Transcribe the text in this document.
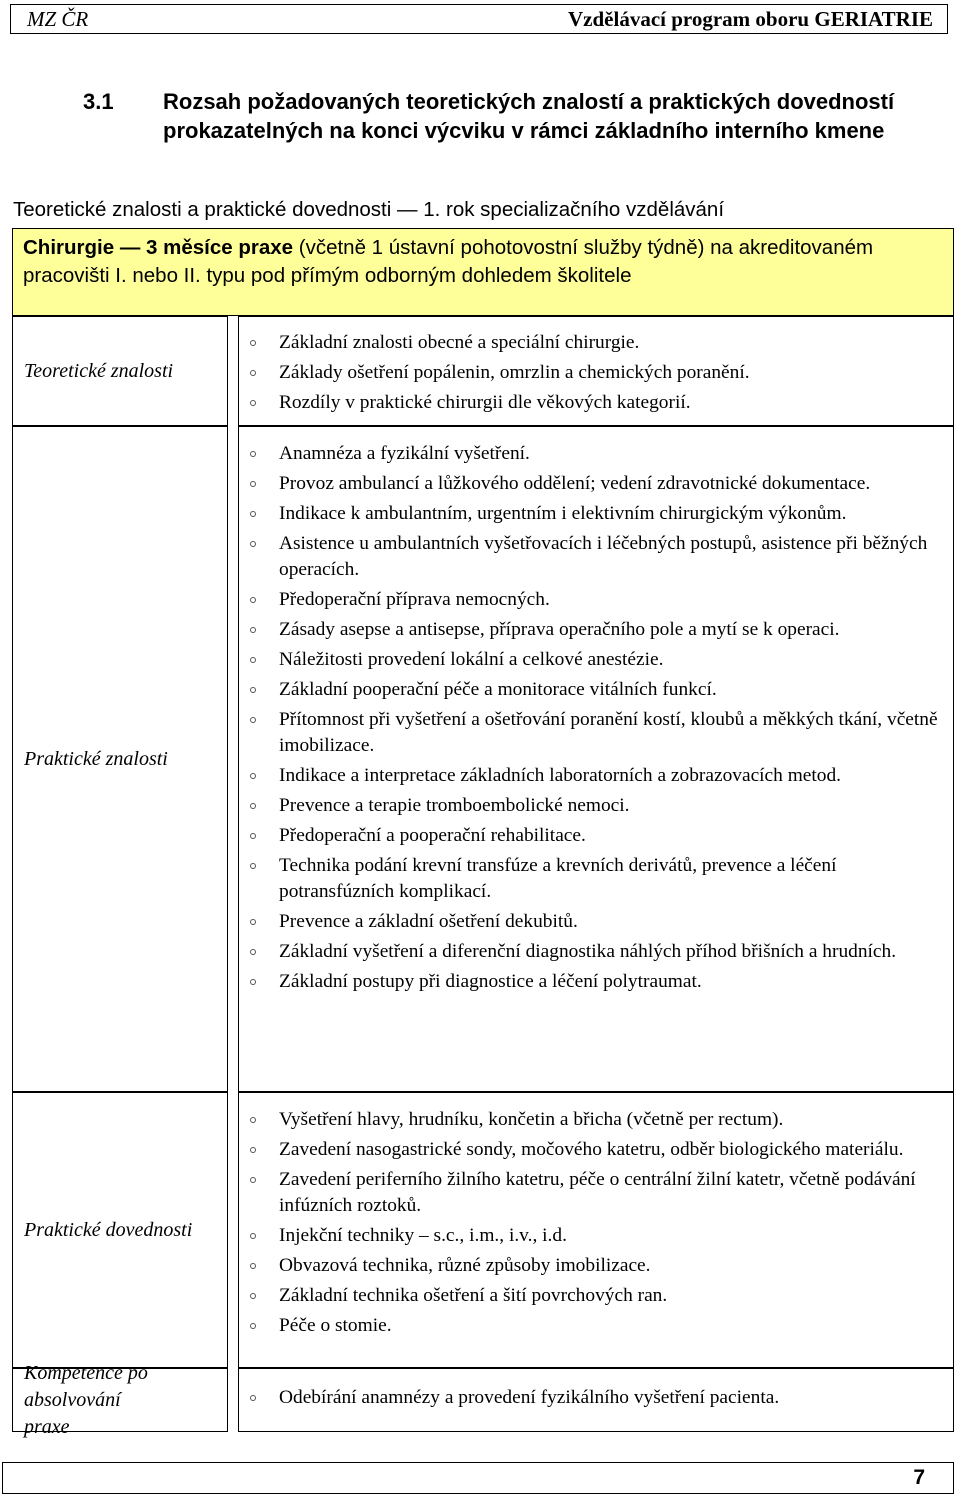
MZ ČR	Vzdělávací program oboru GERIATRIE
3.1 Rozsah požadovaných teoretických znalostí a praktických dovedností prokazatelných na konci výcviku v rámci základního interního kmene
Teoretické znalosti a praktické dovednosti — 1. rok specializačního vzdělávání
Chirurgie — 3 měsíce praxe (včetně 1 ústavní pohotovostní služby týdně) na akreditovaném pracovišti I. nebo II. typu pod přímým odborným dohledem školitele
Teoretické znalosti
Základní znalosti obecné a speciální chirurgie.
Základy ošetření popálenin, omrzlin a chemických poranění.
Rozdíly v praktické chirurgii dle věkových kategorií.
Praktické znalosti
Anamnéza a fyzikální vyšetření.
Provoz ambulancí a lůžkového oddělení; vedení zdravotnické dokumentace.
Indikace k ambulantním, urgentním i elektivním chirurgickým výkonům.
Asistence u ambulantních vyšetřovacích i léčebných postupů, asistence při běžných operacích.
Předoperační příprava nemocných.
Zásady asepse a antisepse, příprava operačního pole a mytí se k operaci.
Náležitosti provedení lokální a celkové anestézie.
Základní pooperační péče a monitorace vitálních funkcí.
Přítomnost při vyšetření a ošetřování poranění kostí, kloubů a měkkých tkání, včetně imobilizace.
Indikace a interpretace základních laboratorních a zobrazovacích metod.
Prevence a terapie tromboembolické nemoci.
Předoperační a pooperační rehabilitace.
Technika podání krevní transfúze a krevních derivátů, prevence a léčení potransfúzních komplikací.
Prevence a základní ošetření dekubitů.
Základní vyšetření a diferenční diagnostika náhlých příhod břišních a hrudních.
Základní postupy při diagnostice a léčení polytraumat.
Praktické dovednosti
Vyšetření hlavy, hrudníku, končetin a břicha (včetně per rectum).
Zavedení nasogastrické sondy, močového katetru, odběr biologického materiálu.
Zavedení periferního žilního katetru, péče o centrální žilní katetr, včetně podávání infúzních roztoků.
Injekční techniky – s.c., i.m., i.v., i.d.
Obvazová technika, různé způsoby imobilizace.
Základní technika ošetření a šití povrchových ran.
Péče o stomie.
Kompetence po absolvování praxe
Odebírání anamnézy a provedení fyzikálního vyšetření pacienta.
7
